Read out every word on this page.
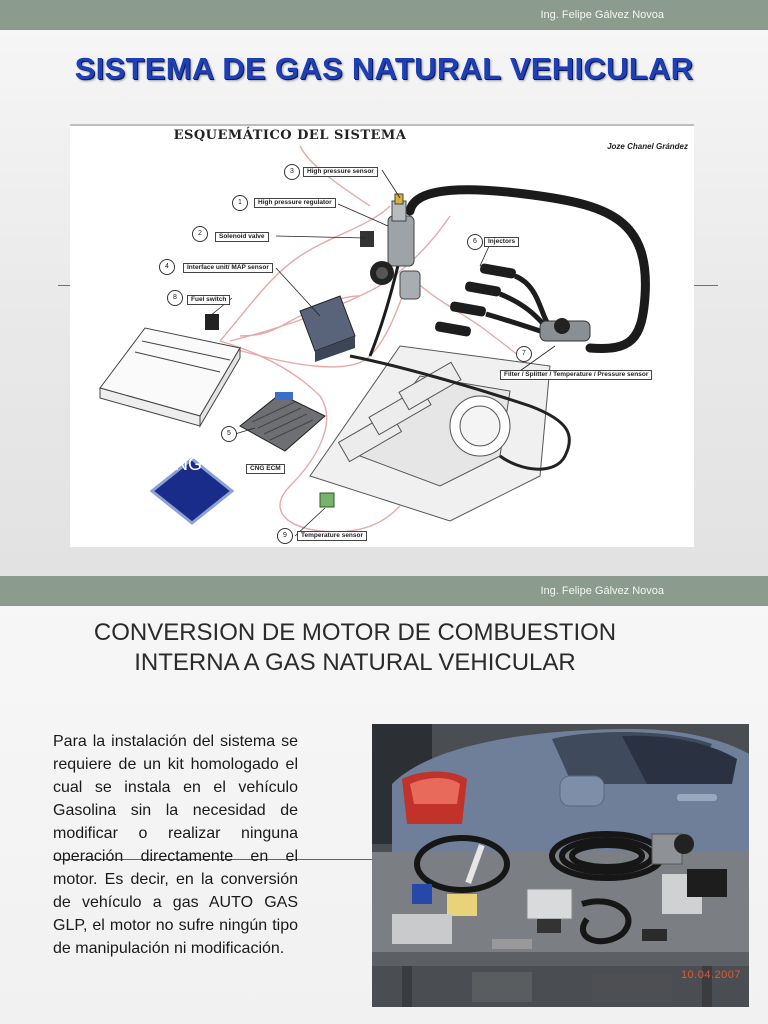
Ing. Felipe Gálvez Novoa
SISTEMA DE GAS NATURAL VEHICULAR
ESQUEMÁTICO DEL SISTEMA
Joze Chanel Grández
3	High pressure sensor
1	High pressure regulator
2	Solenoid valve
4	Interface unit/ MAP sensor
8	Fuel switch
6	Injectors
7
Filter / Splitter / Temperature / Pressure sensor
5
CNG ECM
9	Temperature sensor
CNG
Ing. Felipe Gálvez Novoa
CONVERSION DE MOTOR DE COMBUESTION
INTERNA A GAS NATURAL VEHICULAR
Para la instalación del sistema se requiere de un kit homologado el cual se instala en el vehículo Gasolina sin la necesidad de modificar o realizar ninguna operación directamente en el motor. Es decir, en la conversión de vehículo a gas AUTO GAS GLP, el motor no sufre ningún tipo de manipulación ni modificación.
10.04.2007
